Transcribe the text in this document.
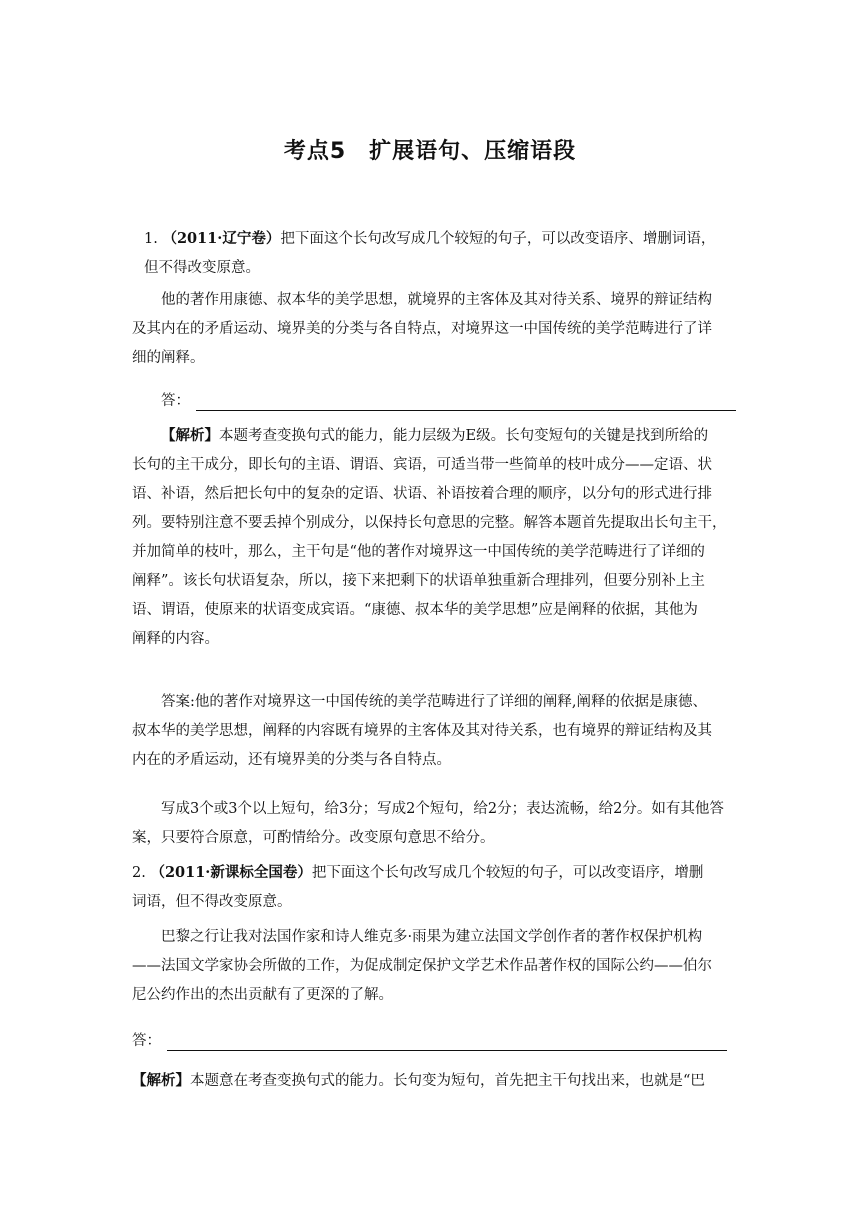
考点5　扩展语句、压缩语段
1. （2011·辽宁卷）把下面这个长句改写成几个较短的句子，可以改变语序、增删词语，
但不得改变原意。
他的著作用康德、叔本华的美学思想，就境界的主客体及其对待关系、境界的辩证结构
及其内在的矛盾运动、境界美的分类与各自特点，对境界这一中国传统的美学范畴进行了详
细的阐释。
答：
【解析】本题考查变换句式的能力，能力层级为E级。长句变短句的关键是找到所给的
长句的主干成分，即长句的主语、谓语、宾语，可适当带一些简单的枝叶成分——定语、状
语、补语，然后把长句中的复杂的定语、状语、补语按着合理的顺序，以分句的形式进行排
列。要特别注意不要丢掉个别成分，以保持长句意思的完整。解答本题首先提取出长句主干，
并加简单的枝叶，那么，主干句是“他的著作对境界这一中国传统的美学范畴进行了详细的
阐释”。该长句状语复杂，所以，接下来把剩下的状语单独重新合理排列，但要分别补上主
语、谓语，使原来的状语变成宾语。“康德、叔本华的美学思想”应是阐释的依据，其他为
阐释的内容。
答案:他的著作对境界这一中国传统的美学范畴进行了详细的阐释,阐释的依据是康德、
叔本华的美学思想，阐释的内容既有境界的主客体及其对待关系，也有境界的辩证结构及其
内在的矛盾运动，还有境界美的分类与各自特点。
写成3个或3个以上短句，给3分；写成2个短句，给2分；表达流畅，给2分。如有其他答
案，只要符合原意，可酌情给分。改变原句意思不给分。
2. （2011·新课标全国卷）把下面这个长句改写成几个较短的句子，可以改变语序，增删
词语，但不得改变原意。
巴黎之行让我对法国作家和诗人维克多·雨果为建立法国文学创作者的著作权保护机构
——法国文学家协会所做的工作，为促成制定保护文学艺术作品著作权的国际公约——伯尔
尼公约作出的杰出贡献有了更深的了解。
答：
【解析】本题意在考查变换句式的能力。长句变为短句，首先把主干句找出来，也就是“巴
